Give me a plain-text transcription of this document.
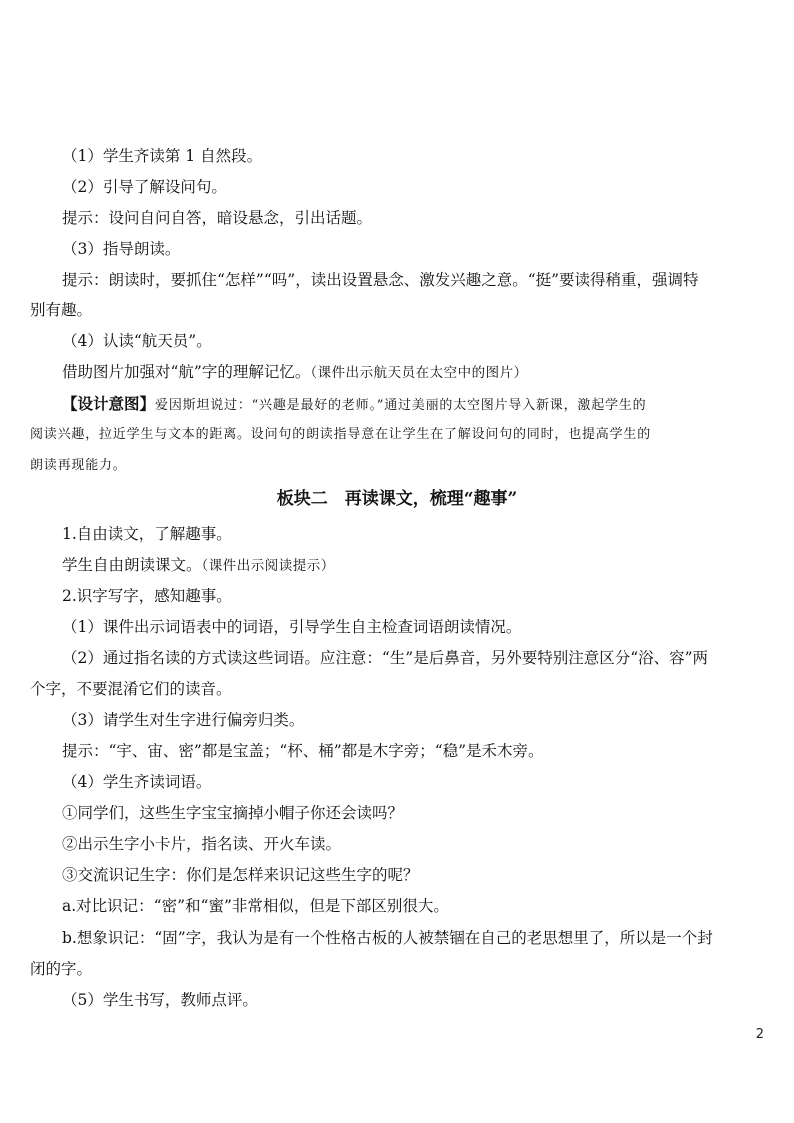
（1）学生齐读第 1 自然段。
（2）引导了解设问句。
提示：设问自问自答，暗设悬念，引出话题。
（3）指导朗读。
提示：朗读时，要抓住“怎样”“吗”，读出设置悬念、激发兴趣之意。“挺”要读得稍重，强调特
别有趣。
（4）认读“航天员”。
借助图片加强对“航”字的理解记忆。（课件出示航天员在太空中的图片）
【设计意图】爱因斯坦说过：“兴趣是最好的老师。”通过美丽的太空图片导入新课，激起学生的
阅读兴趣，拉近学生与文本的距离。设问句的朗读指导意在让学生在了解设问句的同时，也提高学生的
朗读再现能力。
板块二　再读课文，梳理“趣事”
1.自由读文，了解趣事。
学生自由朗读课文。（课件出示阅读提示）
2.识字写字，感知趣事。
（1）课件出示词语表中的词语，引导学生自主检查词语朗读情况。
（2）通过指名读的方式读这些词语。应注意：“生”是后鼻音，另外要特别注意区分“浴、容”两
个字，不要混淆它们的读音。
（3）请学生对生字进行偏旁归类。
提示：“宇、宙、密”都是宝盖；“杯、桶”都是木字旁；“稳”是禾木旁。
（4）学生齐读词语。
①同学们，这些生字宝宝摘掉小帽子你还会读吗？
②出示生字小卡片，指名读、开火车读。
③交流识记生字：你们是怎样来识记这些生字的呢？
a.对比识记：“密”和“蜜”非常相似，但是下部区别很大。
b.想象识记：“固”字，我认为是有一个性格古板的人被禁锢在自己的老思想里了，所以是一个封
闭的字。
（5）学生书写，教师点评。
2
